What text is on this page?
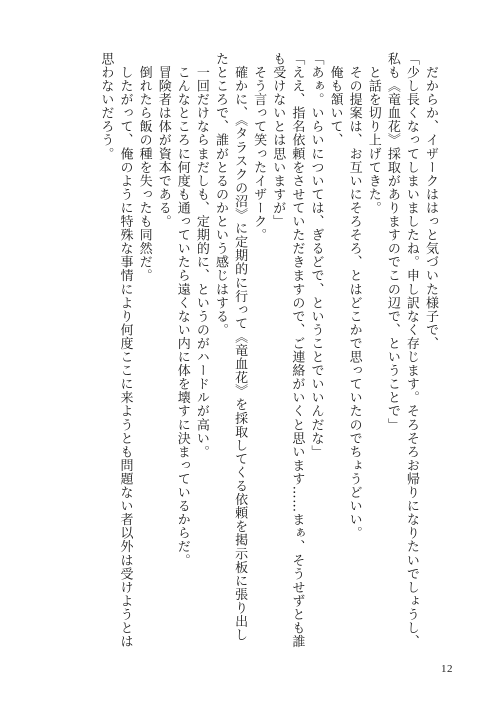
　だからか、イザークははっと気づいた様子で、
「少し長くなってしまいましたね。申し訳なく存じます。そろそろお帰りになりたいでしょうし、
私も《竜血花》採取がありますのでこの辺で、ということで」
　と話を切り上げてきた。
　その提案は、お互いにそろそろ、とはどこかで思っていたのでちょうどいい。
　俺も頷いて、
「あぁ。いらいについては、ぎるどで、ということでいいんだな」
「ええ、指名依頼をさせていただきますので、ご連絡がいくと思います……まぁ、そうせずとも誰
も受けないとは思いますが」
　そう言って笑ったイザーク。
　確かに、《タラスクの沼》に定期的に行って《竜血花》を採取してくる依頼を掲示板に張り出し
たところで、誰がとるのかという感じはする。
　一回だけならまだしも、定期的に、というのがハードルが高い。
　こんなところに何度も通っていたら遠くない内に体を壊すに決まっているからだ。
　冒険者は体が資本である。
　倒れたら飯の種を失ったも同然だ。
　したがって、俺のように特殊な事情により何度ここに来ようとも問題ない者以外は受けようとは
思わないだろう。
12
